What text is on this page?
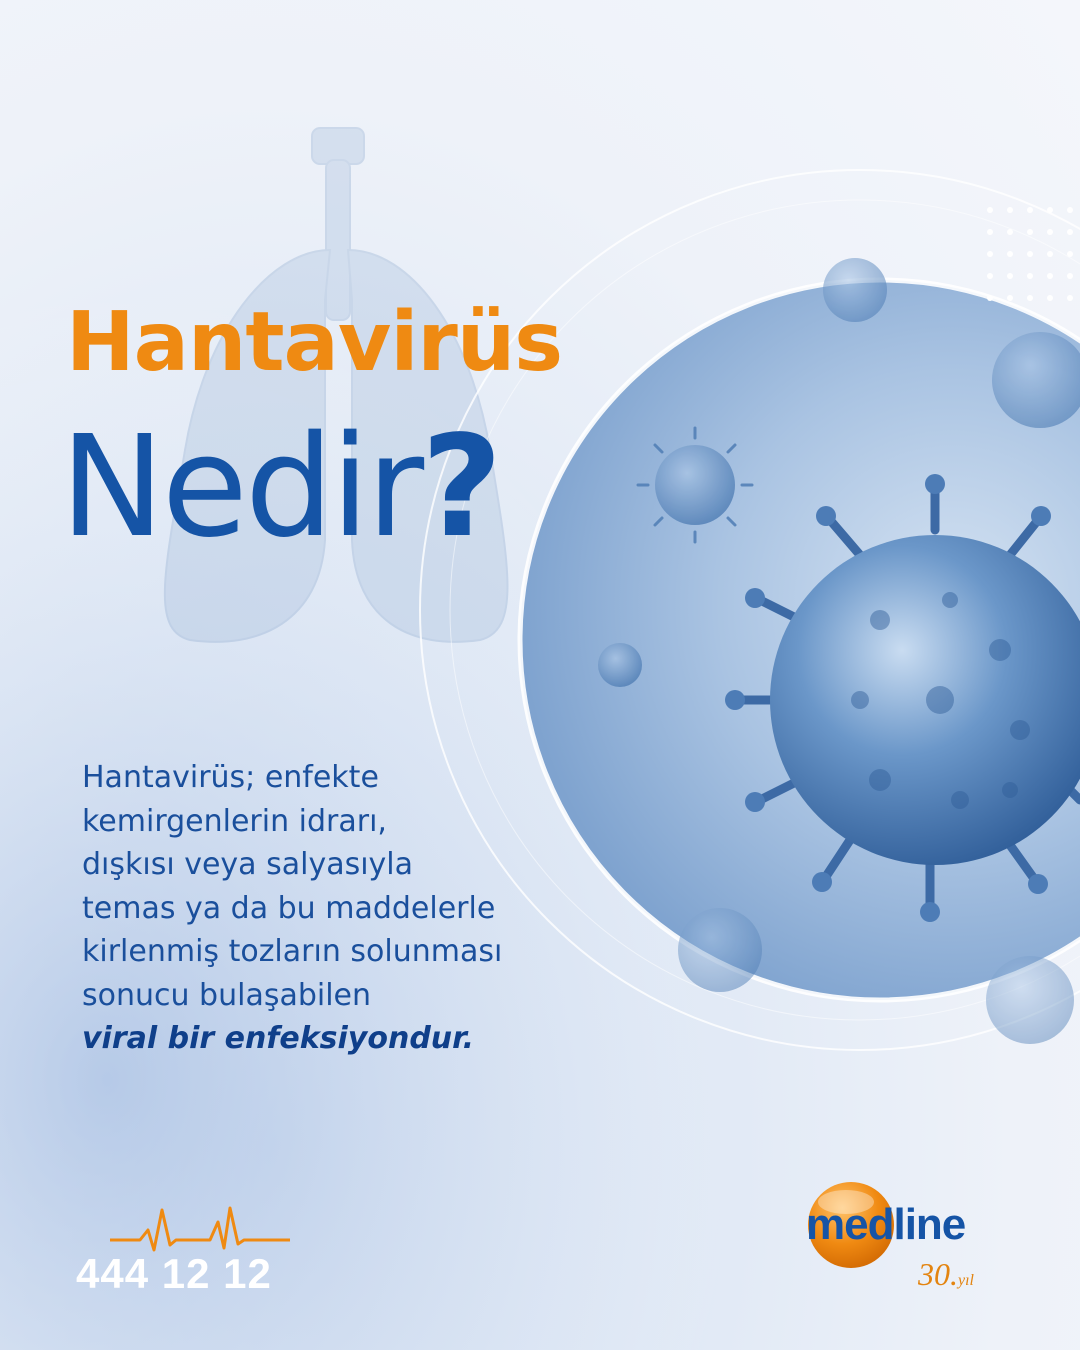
Hantavirüs
Nedir?

Hantavirüs; enfekte
kemirgenlerin idrarı,
dışkısı veya salyasıyla
temas ya da bu maddelerle
kirlenmiş tozların solunması
sonucu bulaşabilen
viral bir enfeksiyondur.

444 12 12
medline
30.yıl
